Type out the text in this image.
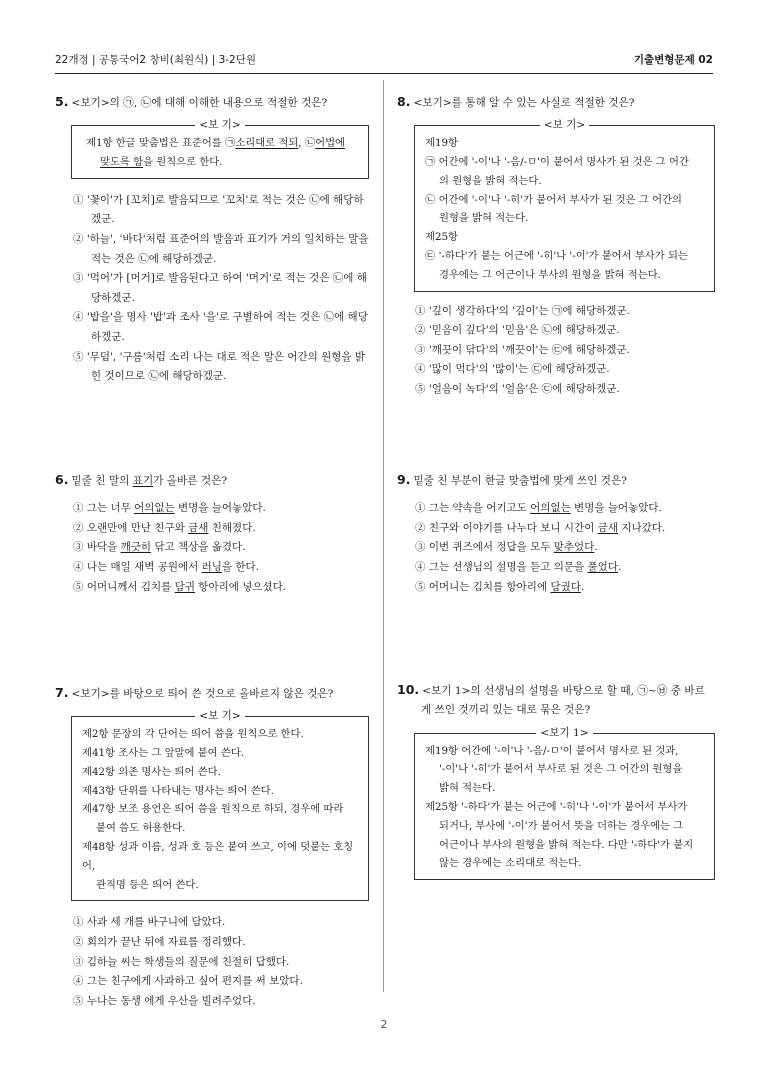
22개정 | 공통국어2 창비(최원식) | 3-2단원	기출변형문제 02
5. <보기>의 ㉠, ㉡에 대해 이해한 내용으로 적절한 것은?
<보 기>
제1항 한글 맞춤법은 표준어를 ㉠소리대로 적되, ㉡어법에
맞도록 함을 원칙으로 한다.
① '꽃이'가 [꼬치]로 발음되므로 '꼬치'로 적는 것은 ㉡에 해당하겠군.
② '하늘', '바다'처럼 표준어의 발음과 표기가 거의 일치하는 말을 적는 것은 ㉡에 해당하겠군.
③ '먹어'가 [머거]로 발음된다고 하여 '머거'로 적는 것은 ㉡에 해당하겠군.
④ '밥을'을 명사 '밥'과 조사 '을'로 구별하여 적는 것은 ㉡에 해당하겠군.
⑤ '무덤', '구름'처럼 소리 나는 대로 적은 말은 어간의 원형을 밝힌 것이므로 ㉡에 해당하겠군.
6. 밑줄 친 말의 표기가 올바른 것은?
① 그는 너무 어의없는 변명을 늘어놓았다.
② 오랜만에 만난 친구와 금새 친해졌다.
③ 바닥을 깨긋히 닦고 책상을 옮겼다.
④ 나는 매일 새벽 공원에서 러닝을 한다.
⑤ 어머니께서 김치를 담귀 항아리에 넣으셨다.
7. <보기>를 바탕으로 띄어 쓴 것으로 올바르지 않은 것은?
<보 기>
제2항 문장의 각 단어는 띄어 씀을 원칙으로 한다.
제41항 조사는 그 앞말에 붙여 쓴다.
제42항 의존 명사는 띄어 쓴다.
제43항 단위를 나타내는 명사는 띄어 쓴다.
제47항 보조 용언은 띄어 씀을 원칙으로 하되, 경우에 따라
붙여 씀도 허용한다.
제48항 성과 이름, 성과 호 등은 붙여 쓰고, 이에 덧붙는 호칭어,
관직명 등은 띄어 쓴다.
① 사과 세 개를 바구니에 담았다.
② 회의가 끝난 뒤에 자료를 정리했다.
③ 김하늘 씨는 학생들의 질문에 친절히 답했다.
④ 그는 친구에게 사과하고 싶어 편지를 써 보았다.
⑤ 누나는 동생 에게 우산을 빌려주었다.
8. <보기>를 통해 알 수 있는 사실로 적절한 것은?
<보 기>
제19항
㉠ 어간에 '-이'나 '-음/-ㅁ'이 붙어서 명사가 된 것은 그 어간
의 원형을 밝혀 적는다.
㉡ 어간에 '-이'나 '-히'가 붙어서 부사가 된 것은 그 어간의
원형을 밝혀 적는다.
제25항
㉢ '-하다'가 붙는 어근에 '-히'나 '-이'가 붙어서 부사가 되는
경우에는 그 어근이나 부사의 원형을 밝혀 적는다.
① '깊이 생각하다'의 '깊이'는 ㉠에 해당하겠군.
② '믿음이 깊다'의 '믿음'은 ㉡에 해당하겠군.
③ '깨끗이 닦다'의 '깨끗이'는 ㉢에 해당하겠군.
④ '많이 먹다'의 '많이'는 ㉢에 해당하겠군.
⑤ '얼음이 녹다'의 '얼음'은 ㉢에 해당하겠군.
9. 밑줄 친 부분이 한글 맞춤법에 맞게 쓰인 것은?
① 그는 약속을 어기고도 어의없는 변명을 늘어놓았다.
② 친구와 이야기를 나누다 보니 시간이 금새 지나갔다.
③ 이번 퀴즈에서 정답을 모두 맞추었다.
④ 그는 선생님의 설명을 듣고 의문을 풀었다.
⑤ 어머니는 김치를 항아리에 담궜다.
10. <보기 1>의 선생님의 설명을 바탕으로 할 때, ㉠~㉥ 중 바르게 쓰인 것끼리 있는 대로 묶은 것은?
<보기 1>
제19항 어간에 '-이'나 '-음/-ㅁ'이 붙어서 명사로 된 것과,
'-이'나 '-히'가 붙어서 부사로 된 것은 그 어간의 원형을
밝혀 적는다.
제25항 '-하다'가 붙는 어근에 '-히'나 '-이'가 붙어서 부사가
되거나, 부사에 '-이'가 붙어서 뜻을 더하는 경우에는 그
어근이나 부사의 원형을 밝혀 적는다. 다만 '-하다'가 붙지
않는 경우에는 소리대로 적는다.
2
